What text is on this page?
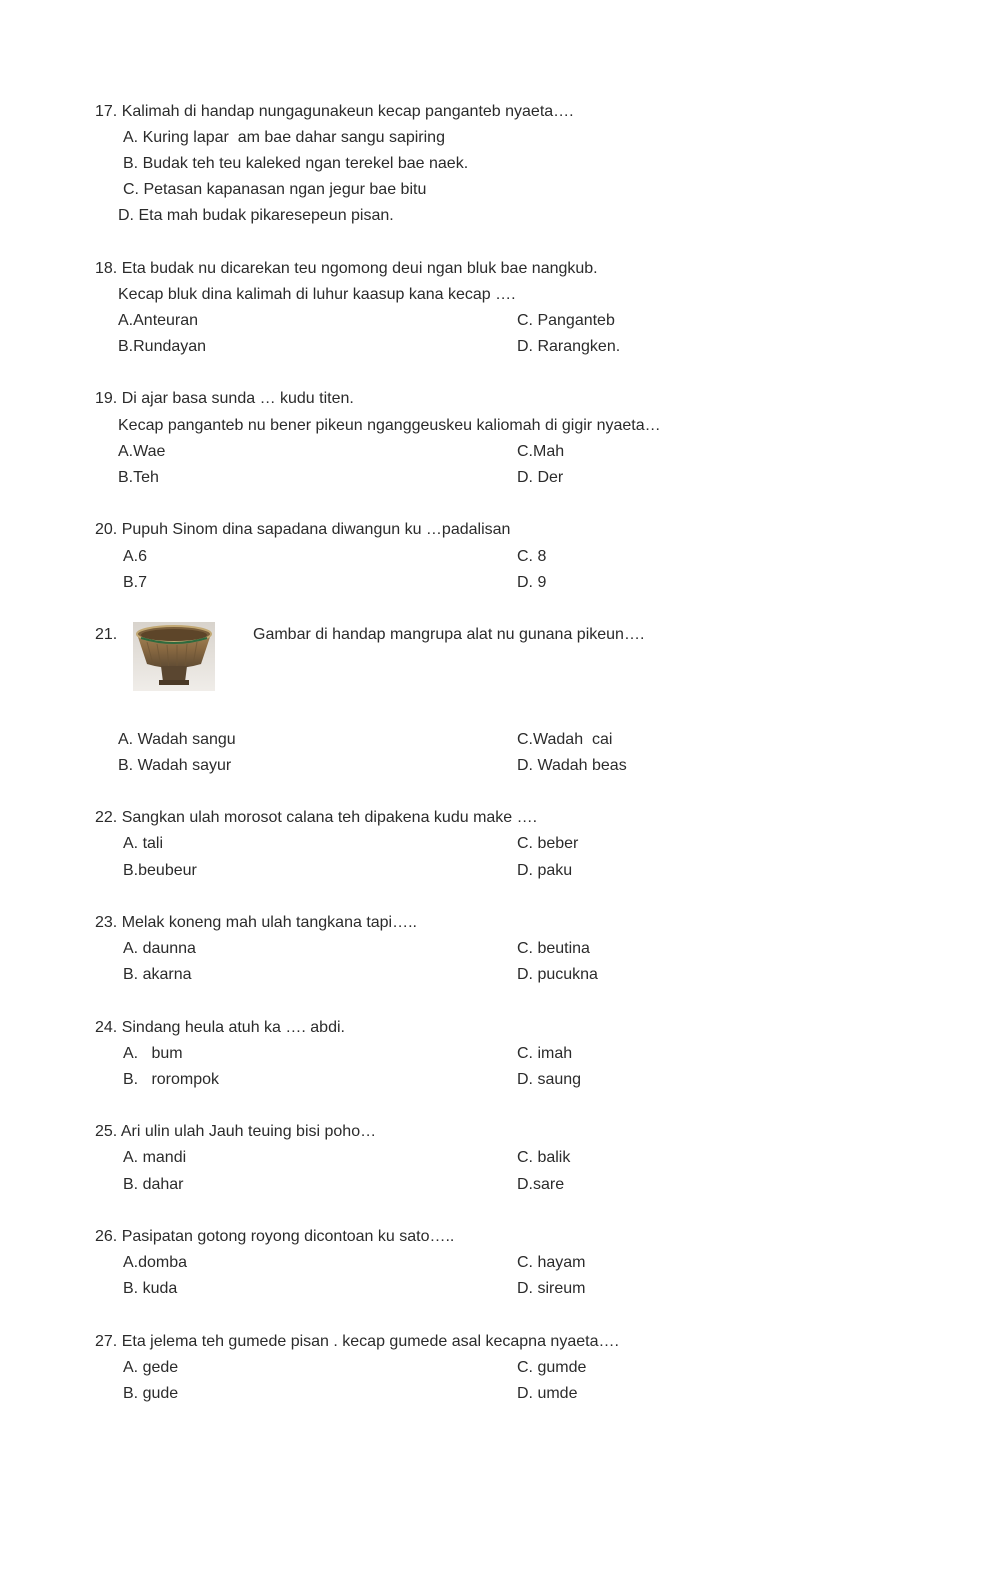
17. Kalimah di handap nungagunakeun kecap panganteb nyaeta….
A. Kuring lapar  am bae dahar sangu sapiring
B. Budak teh teu kaleked ngan terekel bae naek.
C. Petasan kapanasan ngan jegur bae bitu
D. Eta mah budak pikaresepeun pisan.
18. Eta budak nu dicarekan teu ngomong deui ngan bluk bae nangkub.
Kecap bluk dina kalimah di luhur kaasup kana kecap ….
A.Anteuran	C. Panganteb
B.Rundayan	D. Rarangken.
19. Di ajar basa sunda … kudu titen.
Kecap panganteb nu bener pikeun nganggeuskeu kaliomah di gigir nyaeta…
A.Wae	C.Mah
B.Teh	D. Der
20. Pupuh Sinom dina sapadana diwangun ku …padalisan
A.6	C. 8
B.7	D. 9
21.	Gambar di handap mangrupa alat nu gunana pikeun….
A. Wadah sangu	C.Wadah  cai
B. Wadah sayur	D. Wadah beas
22. Sangkan ulah morosot calana teh dipakena kudu make ….
A. tali	C. beber
B.beubeur	D. paku
23. Melak koneng mah ulah tangkana tapi…..
A. daunna	C. beutina
B. akarna	D. pucukna
24. Sindang heula atuh ka …. abdi.
A.   bum	C. imah
B.   rorompok	D. saung
25. Ari ulin ulah Jauh teuing bisi poho…
A. mandi	C. balik
B. dahar	D.sare
26. Pasipatan gotong royong dicontoan ku sato…..
A.domba	C. hayam
B. kuda	D. sireum
27. Eta jelema teh gumede pisan . kecap gumede asal kecapna nyaeta….
A. gede	C. gumde
B. gude	D. umde
